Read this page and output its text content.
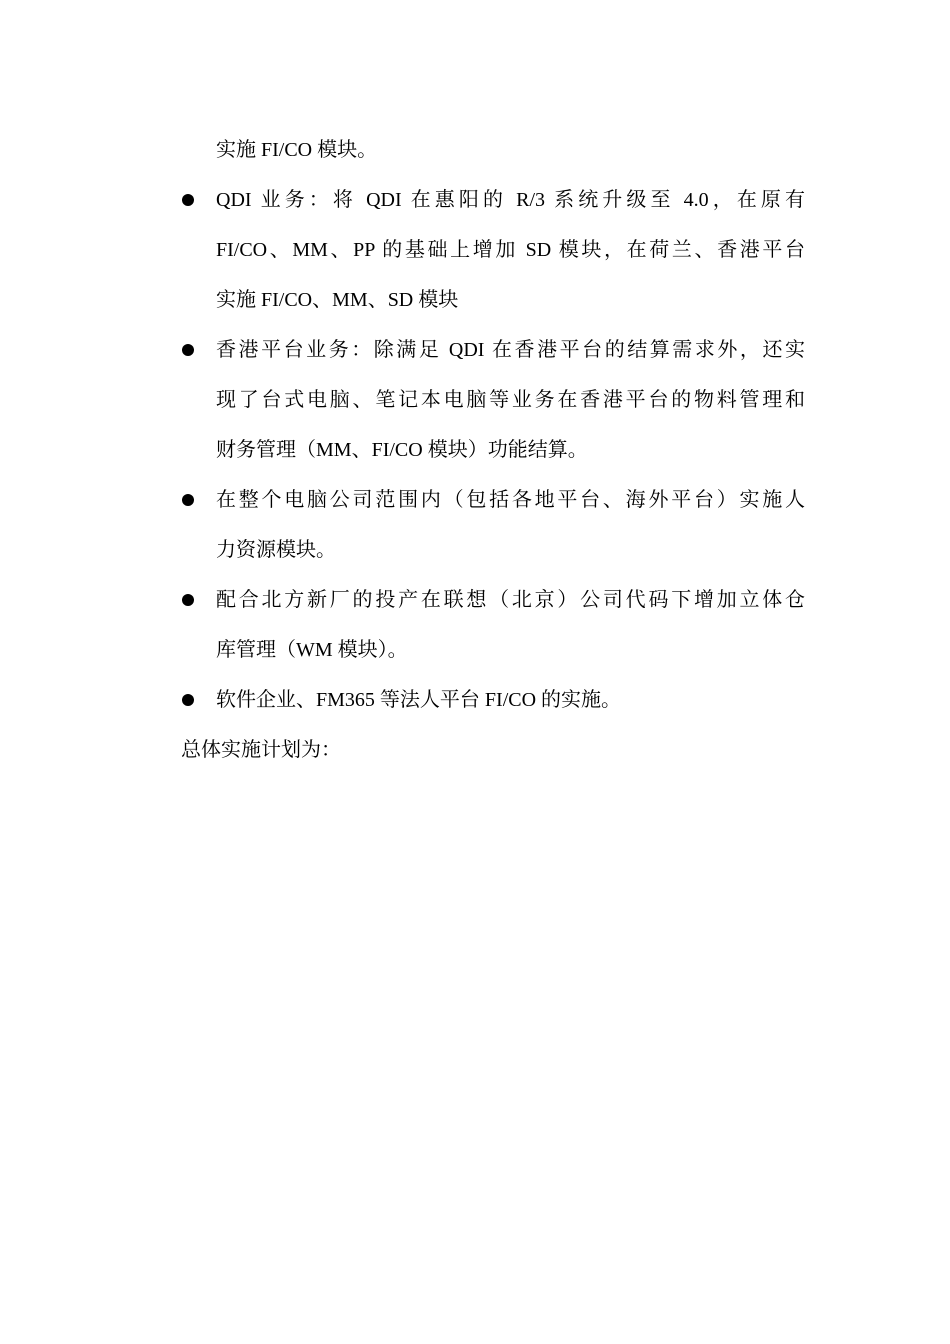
实施 FI/CO 模块。
QDI 业务：将 QDI 在惠阳的 R/3 系统升级至 4.0，在原有
FI/CO、MM、PP 的基础上增加 SD 模块，在荷兰、香港平台
实施 FI/CO、MM、SD 模块
香港平台业务：除满足 QDI 在香港平台的结算需求外，还实
现了台式电脑、笔记本电脑等业务在香港平台的物料管理和
财务管理（MM、FI/CO 模块）功能结算。
在整个电脑公司范围内（包括各地平台、海外平台）实施人
力资源模块。
配合北方新厂的投产在联想（北京）公司代码下增加立体仓
库管理（WM 模块）。
软件企业、FM365 等法人平台 FI/CO 的实施。
总体实施计划为：
